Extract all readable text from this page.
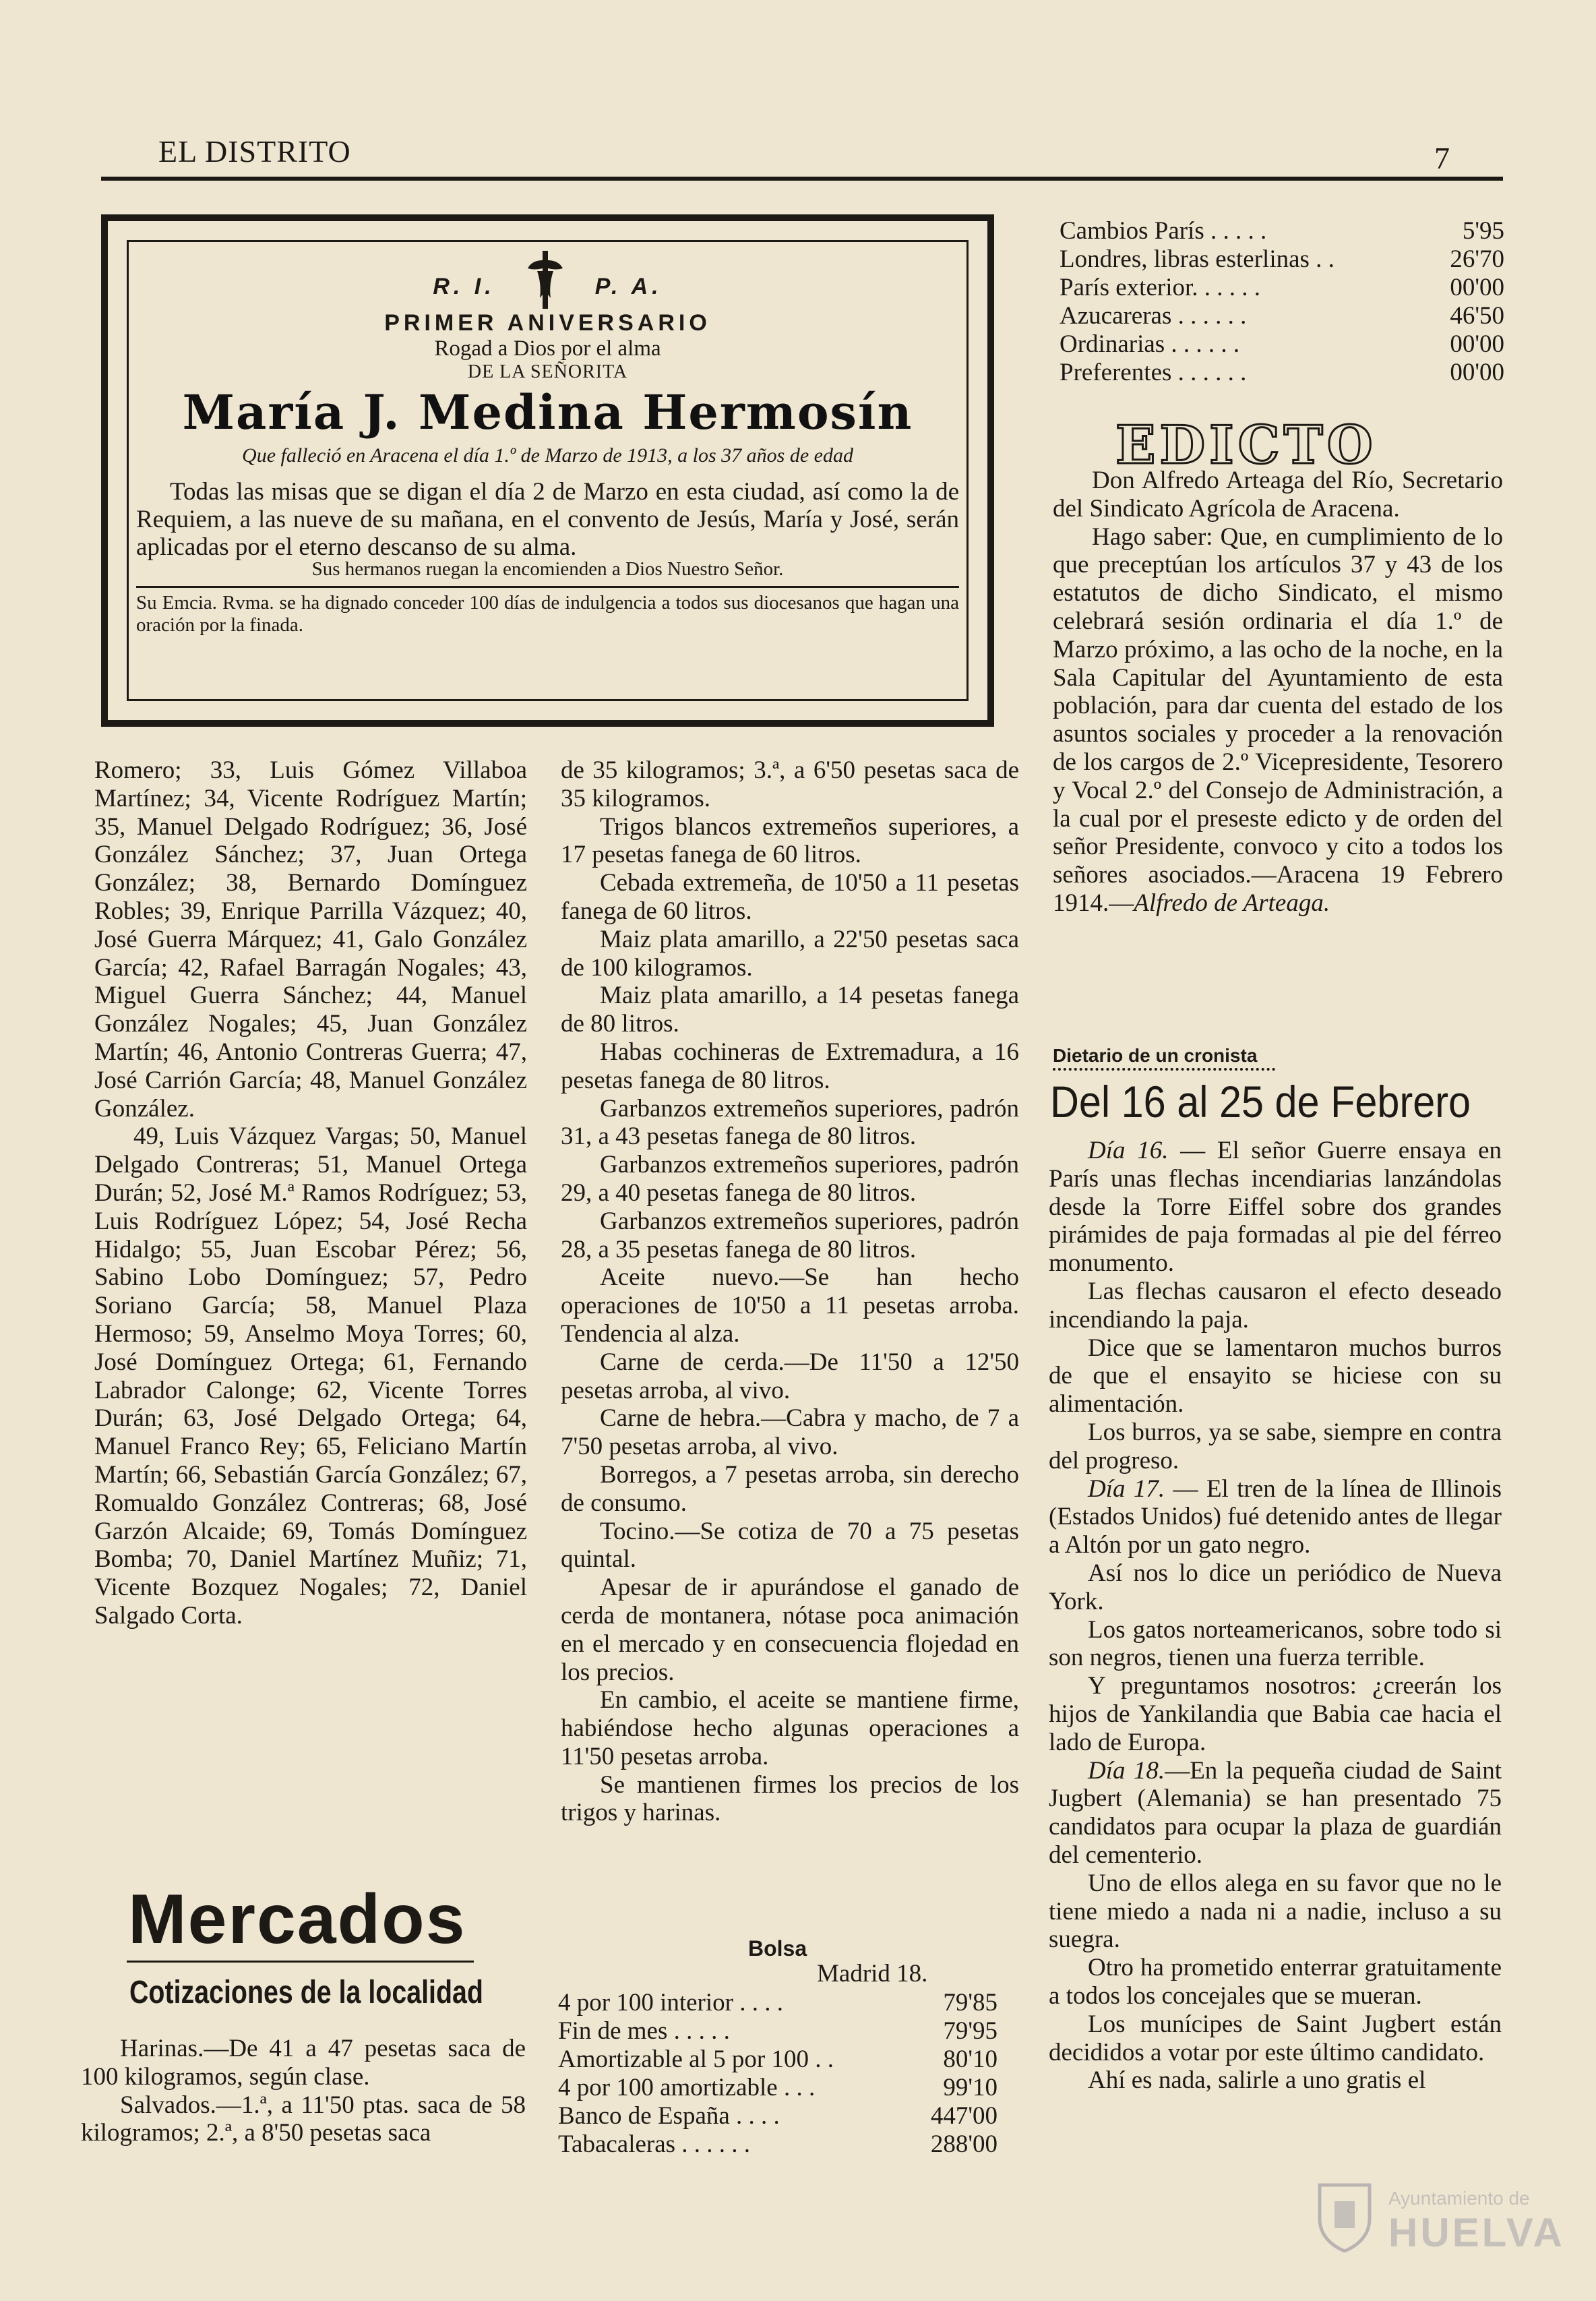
EL DISTRITO	7
R. I.	P. A.
PRIMER ANIVERSARIO
Rogad a Dios por el alma
DE LA SEÑORITA
María J. Medina Hermosín
Que falleció en Aracena el día 1.º de Marzo de 1913, a los 37 años de edad

Todas las misas que se digan el día 2 de Marzo en esta ciudad, así como la de Requiem, a las nueve de su mañana, en el convento de Jesús, María y José, serán aplicadas por el eterno descanso de su alma.

Sus hermanos ruegan la encomienden a Dios Nuestro Señor.
Su Emcia. Rvma. se ha dignado conceder 100 días de indulgencia a todos sus diocesanos que hagan una oración por la finada.

Romero; 33, Luis Gómez Villaboa Martínez; 34, Vicente Rodríguez Martín; 35, Manuel Delgado Rodríguez; 36, José González Sánchez; 37, Juan Ortega González; 38, Bernardo Domínguez Robles; 39, Enrique Parrilla Vázquez; 40, José Guerra Márquez; 41, Galo González García; 42, Rafael Barragán Nogales; 43, Miguel Guerra Sánchez; 44, Manuel González Nogales; 45, Juan González Martín; 46, Antonio Contreras Guerra; 47, José Carrión García; 48, Manuel González González.

49, Luis Vázquez Vargas; 50, Manuel Delgado Contreras; 51, Manuel Ortega Durán; 52, José M.ª Ramos Rodríguez; 53, Luis Rodríguez López; 54, José Recha Hidalgo; 55, Juan Escobar Pérez; 56, Sabino Lobo Domínguez; 57, Pedro Soriano García; 58, Manuel Plaza Hermoso; 59, Anselmo Moya Torres; 60, José Domínguez Ortega; 61, Fernando Labrador Calonge; 62, Vicente Torres Durán; 63, José Delgado Ortega; 64, Manuel Franco Rey; 65, Feliciano Martín Martín; 66, Sebastián García González; 67, Romualdo González Contreras; 68, José Garzón Alcaide; 69, Tomás Domínguez Bomba; 70, Daniel Martínez Muñiz; 71, Vicente Bozquez Nogales; 72, Daniel Salgado Corta.

Mercados
Cotizaciones de la localidad

Harinas.—De 41 a 47 pesetas saca de 100 kilogramos, según clase.

Salvados.—1.ª, a 11'50 ptas. saca de 58 kilogramos; 2.ª, a 8'50 pesetas saca

de 35 kilogramos; 3.ª, a 6'50 pesetas saca de 35 kilogramos.

Trigos blancos extremeños superiores, a 17 pesetas fanega de 60 litros.

Cebada extremeña, de 10'50 a 11 pesetas fanega de 60 litros.

Maiz plata amarillo, a 22'50 pesetas saca de 100 kilogramos.

Maiz plata amarillo, a 14 pesetas fanega de 80 litros.

Habas cochineras de Extremadura, a 16 pesetas fanega de 80 litros.

Garbanzos extremeños superiores, padrón 31, a 43 pesetas fanega de 80 litros.

Garbanzos extremeños superiores, padrón 29, a 40 pesetas fanega de 80 litros.

Garbanzos extremeños superiores, padrón 28, a 35 pesetas fanega de 80 litros.

Aceite nuevo.—Se han hecho operaciones de 10'50 a 11 pesetas arroba. Tendencia al alza.

Carne de cerda.—De 11'50 a 12'50 pesetas arroba, al vivo.

Carne de hebra.—Cabra y macho, de 7 a 7'50 pesetas arroba, al vivo.

Borregos, a 7 pesetas arroba, sin derecho de consumo.

Tocino.—Se cotiza de 70 a 75 pesetas quintal.

Apesar de ir apurándose el ganado de cerda de montanera, nótase poca animación en el mercado y en consecuencia flojedad en los precios.

En cambio, el aceite se mantiene firme, habiéndose hecho algunas operaciones a 11'50 pesetas arroba.

Se mantienen firmes los precios de los trigos y harinas.

Bolsa
Madrid 18.
4 por 100 interior . . . .	79'85
Fin de mes . . . . .	79'95
Amortizable al 5 por 100 . .	80'10
4 por 100 amortizable . . .	99'10
Banco de España . . . .	447'00
Tabacaleras . . . . . .	288'00
Cambios París . . . . .	5'95
Londres, libras esterlinas . .	26'70
París exterior. . . . . .	00'00
Azucareras . . . . . .	46'50
Ordinarias . . . . . .	00'00
Preferentes . . . . . .	00'00
EDICTO

Don Alfredo Arteaga del Río, Secretario del Sindicato Agrícola de Aracena.

Hago saber: Que, en cumplimiento de lo que preceptúan los artículos 37 y 43 de los estatutos de dicho Sindicato, el mismo celebrará sesión ordinaria el día 1.º de Marzo próximo, a las ocho de la noche, en la Sala Capitular del Ayuntamiento de esta población, para dar cuenta del estado de los asuntos sociales y proceder a la renovación de los cargos de 2.º Vicepresidente, Tesorero y Vocal 2.º del Consejo de Administración, a la cual por el preseste edicto y de orden del señor Presidente, convoco y cito a todos los señores asociados.—Aracena 19 Febrero 1914.—Alfredo de Arteaga.

Dietario de un cronista
Del 16 al 25 de Febrero

Día 16. — El señor Guerre ensaya en París unas flechas incendiarias lanzándolas desde la Torre Eiffel sobre dos grandes pirámides de paja formadas al pie del férreo monumento.

Las flechas causaron el efecto deseado incendiando la paja.

Dice que se lamentaron muchos burros de que el ensayito se hiciese con su alimentación.

Los burros, ya se sabe, siempre en contra del progreso.

Día 17. — El tren de la línea de Illinois (Estados Unidos) fué detenido antes de llegar a Altón por un gato negro.

Así nos lo dice un periódico de Nueva York.

Los gatos norteamericanos, sobre todo si son negros, tienen una fuerza terrible.

Y preguntamos nosotros: ¿creerán los hijos de Yankilandia que Babia cae hacia el lado de Europa.

Día 18.—En la pequeña ciudad de Saint Jugbert (Alemania) se han presentado 75 candidatos para ocupar la plaza de guardián del cementerio.

Uno de ellos alega en su favor que no le tiene miedo a nada ni a nadie, incluso a su suegra.

Otro ha prometido enterrar gratuitamente a todos los concejales que se mueran.

Los munícipes de Saint Jugbert están decididos a votar por este último candidato.

Ahí es nada, salirle a uno gratis el

Ayuntamiento de
HUELVA
